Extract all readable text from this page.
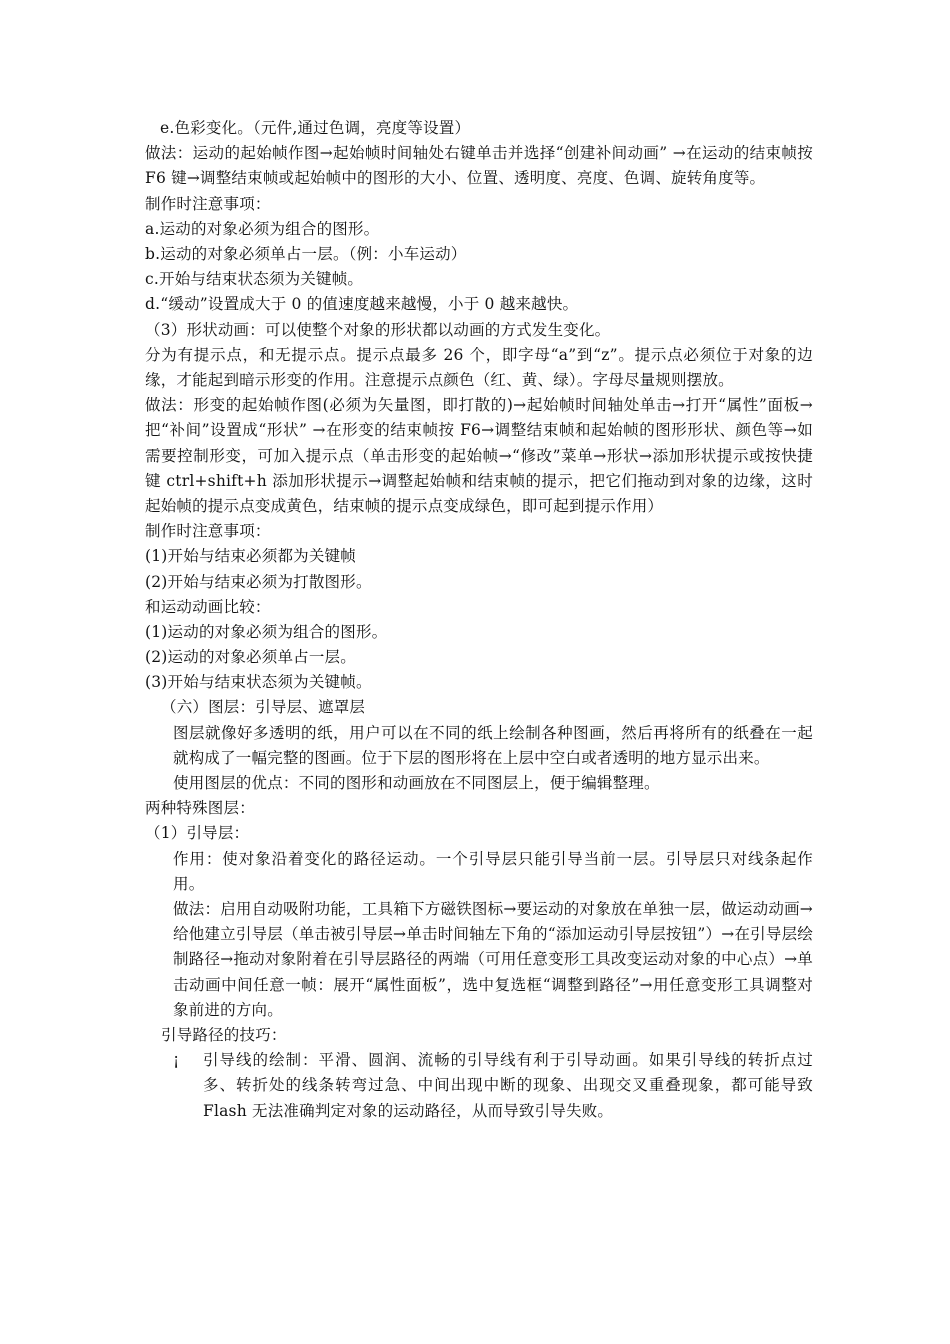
e.色彩变化。（元件,通过色调，亮度等设置）
做法：运动的起始帧作图→起始帧时间轴处右键单击并选择“创建补间动画” →在运动的结束帧按 F6 键→调整结束帧或起始帧中的图形的大小、位置、透明度、亮度、色调、旋转角度等。
制作时注意事项：
a.运动的对象必须为组合的图形。
b.运动的对象必须单占一层。（例：小车运动）
c.开始与结束状态须为关键帧。
d.“缓动”设置成大于 0 的值速度越来越慢，小于 0 越来越快。
（3）形状动画：可以使整个对象的形状都以动画的方式发生变化。
分为有提示点，和无提示点。提示点最多 26 个，即字母“a”到“z”。提示点必须位于对象的边缘，才能起到暗示形变的作用。注意提示点颜色（红、黄、绿）。字母尽量规则摆放。
做法：形变的起始帧作图(必须为矢量图，即打散的)→起始帧时间轴处单击→打开“属性”面板→把“补间”设置成“形状” →在形变的结束帧按 F6→调整结束帧和起始帧的图形形状、颜色等→如需要控制形变，可加入提示点（单击形变的起始帧→“修改”菜单→形状→添加形状提示或按快捷键 ctrl+shift+h 添加形状提示→调整起始帧和结束帧的提示，把它们拖动到对象的边缘，这时起始帧的提示点变成黄色，结束帧的提示点变成绿色，即可起到提示作用）
制作时注意事项：
(1)开始与结束必须都为关键帧
(2)开始与结束必须为打散图形。
和运动动画比较：
(1)运动的对象必须为组合的图形。
(2)运动的对象必须单占一层。
(3)开始与结束状态须为关键帧。
（六）图层：引导层、遮罩层
图层就像好多透明的纸，用户可以在不同的纸上绘制各种图画，然后再将所有的纸叠在一起就构成了一幅完整的图画。位于下层的图形将在上层中空白或者透明的地方显示出来。
使用图层的优点：不同的图形和动画放在不同图层上，便于编辑整理。
两种特殊图层：
（1）引导层：
作用：使对象沿着变化的路径运动。一个引导层只能引导当前一层。引导层只对线条起作用。
做法：启用自动吸附功能，工具箱下方磁铁图标→要运动的对象放在单独一层，做运动动画→给他建立引导层（单击被引导层→单击时间轴左下角的“添加运动引导层按钮”）→在引导层绘制路径→拖动对象附着在引导层路径的两端（可用任意变形工具改变运动对象的中心点）→单击动画中间任意一帧：展开“属性面板”，选中复选框“调整到路径”→用任意变形工具调整对象前进的方向。
引导路径的技巧：
¡ 引导线的绘制：平滑、圆润、流畅的引导线有利于引导动画。如果引导线的转折点过多、转折处的线条转弯过急、中间出现中断的现象、出现交叉重叠现象，都可能导致 Flash 无法准确判定对象的运动路径，从而导致引导失败。
